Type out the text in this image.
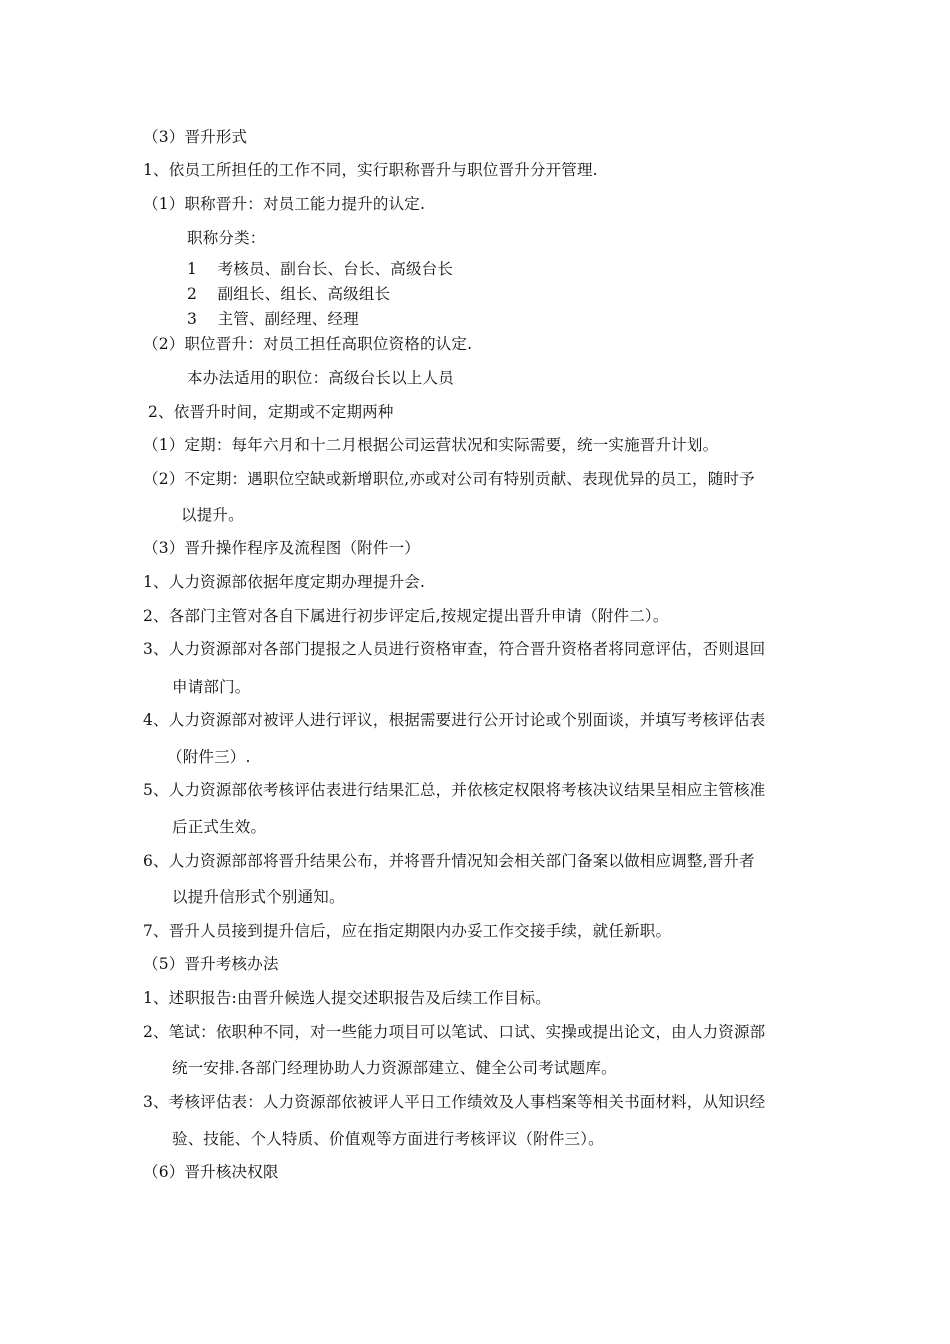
（3）晋升形式
1、依员工所担任的工作不同，实行职称晋升与职位晋升分开管理.
（1）职称晋升：对员工能力提升的认定.
职称分类：
1    考核员、副台长、台长、高级台长
2    副组长、组长、高级组长
3    主管、副经理、经理
（2）职位晋升：对员工担任高职位资格的认定.
本办法适用的职位：高级台长以上人员
2、依晋升时间，定期或不定期两种
（1）定期：每年六月和十二月根据公司运营状况和实际需要，统一实施晋升计划。
（2）不定期：遇职位空缺或新增职位,亦或对公司有特别贡献、表现优异的员工，随时予
以提升。
（3）晋升操作程序及流程图（附件一）
1、人力资源部依据年度定期办理提升会.
2、各部门主管对各自下属进行初步评定后,按规定提出晋升申请（附件二）。
3、人力资源部对各部门提报之人员进行资格审查，符合晋升资格者将同意评估，否则退回
申请部门。
4、人力资源部对被评人进行评议，根据需要进行公开讨论或个别面谈，并填写考核评估表
（附件三）.
5、人力资源部依考核评估表进行结果汇总，并依核定权限将考核决议结果呈相应主管核准
后正式生效。
6、人力资源部部将晋升结果公布，并将晋升情况知会相关部门备案以做相应调整,晋升者
以提升信形式个别通知。
7、晋升人员接到提升信后，应在指定期限内办妥工作交接手续，就任新职。
（5）晋升考核办法
1、述职报告:由晋升候选人提交述职报告及后续工作目标。
2、笔试：依职种不同，对一些能力项目可以笔试、口试、实操或提出论文，由人力资源部
统一安排.各部门经理协助人力资源部建立、健全公司考试题库。
3、考核评估表：人力资源部依被评人平日工作绩效及人事档案等相关书面材料，从知识经
验、技能、个人特质、价值观等方面进行考核评议（附件三）。
（6）晋升核决权限
